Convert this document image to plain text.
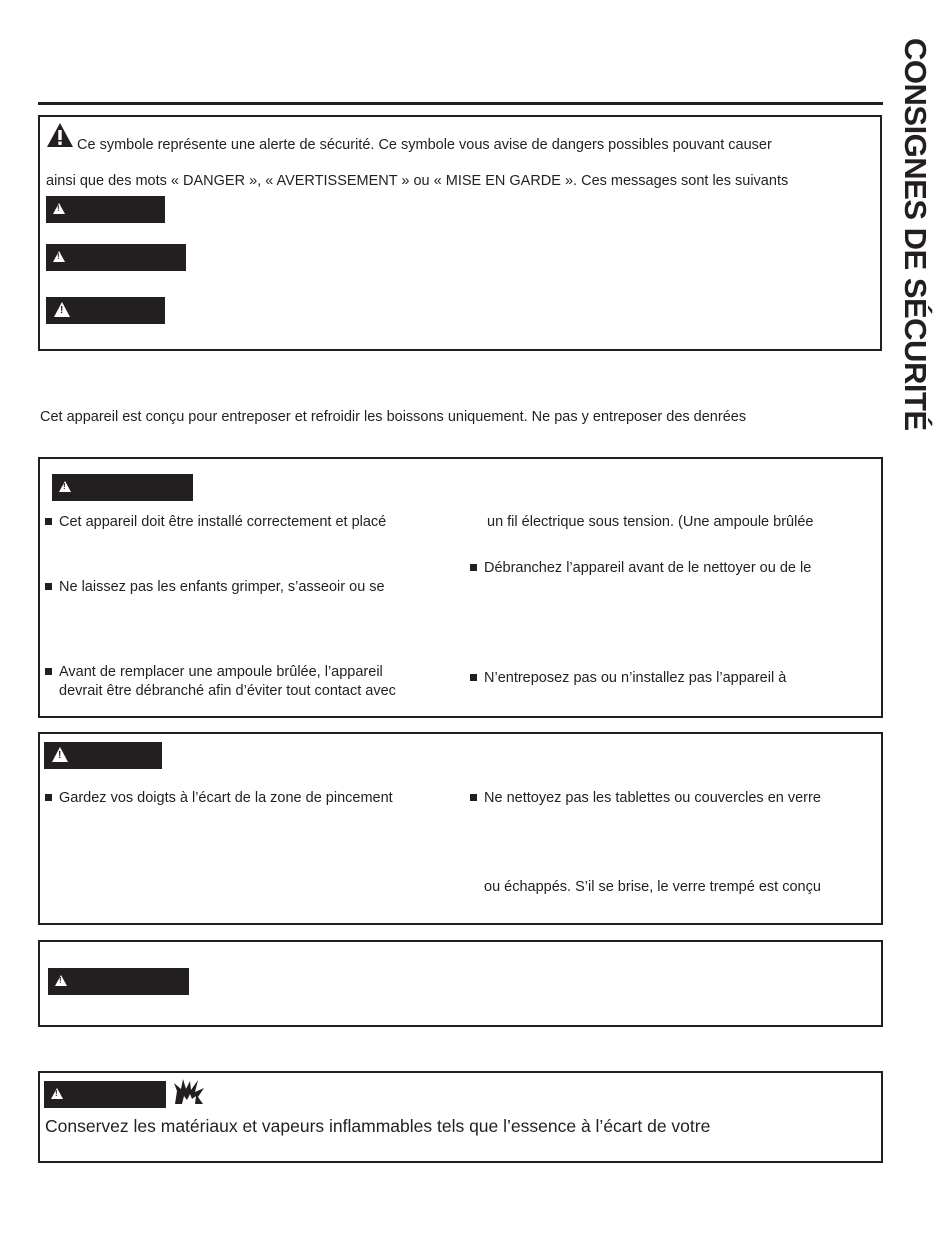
CONSIGNES DE SÉCURITÉ
Ce symbole représente une alerte de sécurité. Ce symbole vous avise de dangers possibles pouvant causer
ainsi que des mots « DANGER », « AVERTISSEMENT » ou « MISE EN GARDE ». Ces messages sont les suivants
!
!
!
Cet appareil est conçu pour entreposer et refroidir les boissons uniquement. Ne pas y entreposer des denrées
!
Cet appareil doit être installé correctement et placé
Ne laissez pas les enfants grimper, s’asseoir ou se
Avant de remplacer une ampoule brûlée, l’appareil
devrait être débranché afin d’éviter tout contact avec
un fil électrique sous tension. (Une ampoule brûlée
Débranchez l’appareil avant de le nettoyer ou de le
N’entreposez pas ou n’installez pas l’appareil à
!
Gardez vos doigts à l’écart de la zone de pincement	Ne nettoyez pas les tablettes ou couvercles en verre
ou échappés. S’il se brise, le verre trempé est conçu
!
!
Conservez les matériaux et vapeurs inflammables tels que l’essence à l’écart de votre
